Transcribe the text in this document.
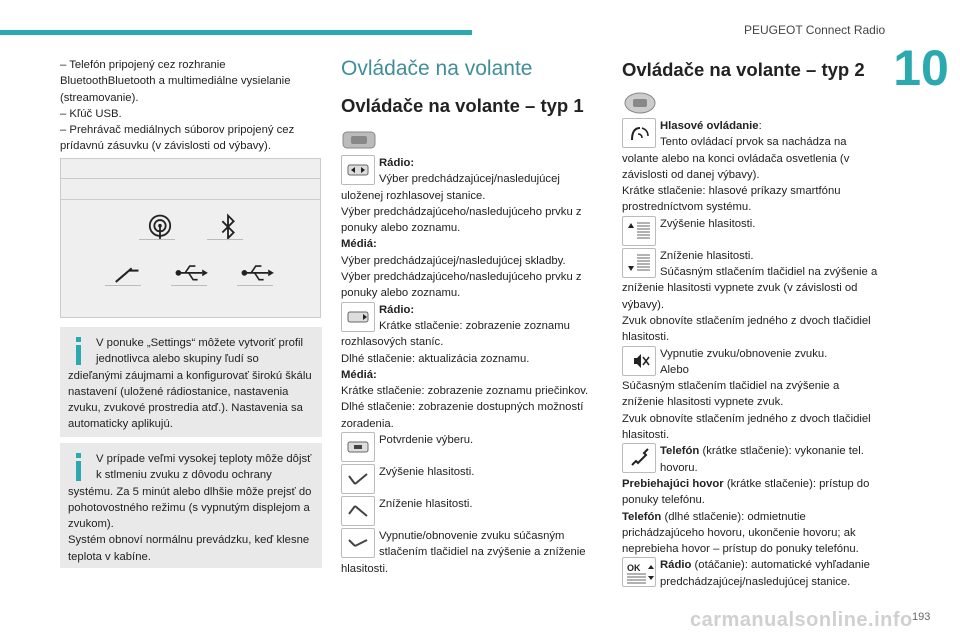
PEUGEOT Connect Radio
10

– Telefón pripojený cez rozhranie BluetoothBluetooth a multimediálne vysielanie (streamovanie).

– Kľúč USB.

– Prehrávač mediálnych súborov pripojený cez prídavnú zásuvku (v závislosti od výbavy).

V ponuke „Settings“ môžete vytvoriť profil jednotlivca alebo skupiny ľudí so zdieľanými záujmami a konfigurovať širokú škálu nastavení (uložené rádiostanice, nastavenia zvuku, zvukové prostredia atď.). Nastavenia sa automaticky aplikujú.

V prípade veľmi vysokej teploty môže dôjsť k stlmeniu zvuku z dôvodu ochrany systému. Za 5 minút alebo dlhšie môže prejsť do pohotovostného režimu (s vypnutým displejom a zvukom).

Systém obnoví normálnu prevádzku, keď klesne teplota v kabíne.

Ovládače na volante
Ovládače na volante – typ 1

Rádio:

Výber predchádzajúcej/nasledujúcej uloženej rozhlasovej stanice.

Výber predchádzajúceho/nasledujúceho prvku z ponuky alebo zoznamu.

Médiá:

Výber predchádzajúcej/nasledujúcej skladby.

Výber predchádzajúceho/nasledujúceho prvku z ponuky alebo zoznamu.

Rádio:

Krátke stlačenie: zobrazenie zoznamu rozhlasových staníc.

Dlhé stlačenie: aktualizácia zoznamu.

Médiá:

Krátke stlačenie: zobrazenie zoznamu priečinkov.

Dlhé stlačenie: zobrazenie dostupných možností zoradenia.

Potvrdenie výberu.

Zvýšenie hlasitosti.

Zníženie hlasitosti.

Vypnutie/obnovenie zvuku súčasným stlačením tlačidiel na zvýšenie a zníženie hlasitosti.

Ovládače na volante – typ 2

Hlasové ovládanie:

Tento ovládací prvok sa nachádza na volante alebo na konci ovládača osvetlenia (v závislosti od danej výbavy).

Krátke stlačenie: hlasové príkazy smartfónu prostredníctvom systému.

Zvýšenie hlasitosti.

Zníženie hlasitosti.

Súčasným stlačením tlačidiel na zvýšenie a zníženie hlasitosti vypnete zvuk (v závislosti od výbavy).

Zvuk obnovíte stlačením jedného z dvoch tlačidiel hlasitosti.

Vypnutie zvuku/obnovenie zvuku.

Alebo

Súčasným stlačením tlačidiel na zvýšenie a zníženie hlasitosti vypnete zvuk.

Zvuk obnovíte stlačením jedného z dvoch tlačidiel hlasitosti.

Telefón (krátke stlačenie): vykonanie tel. hovoru.

Prebiehajúci hovor (krátke stlačenie): prístup do ponuky telefónu.

Telefón (dlhé stlačenie): odmietnutie prichádzajúceho hovoru, ukončenie hovoru; ak neprebieha hovor – prístup do ponuky telefónu.

OK	Rádio (otáčanie): automatické vyhľadanie predchádzajúcej/nasledujúcej stanice.

carmanualsonline.info 193
